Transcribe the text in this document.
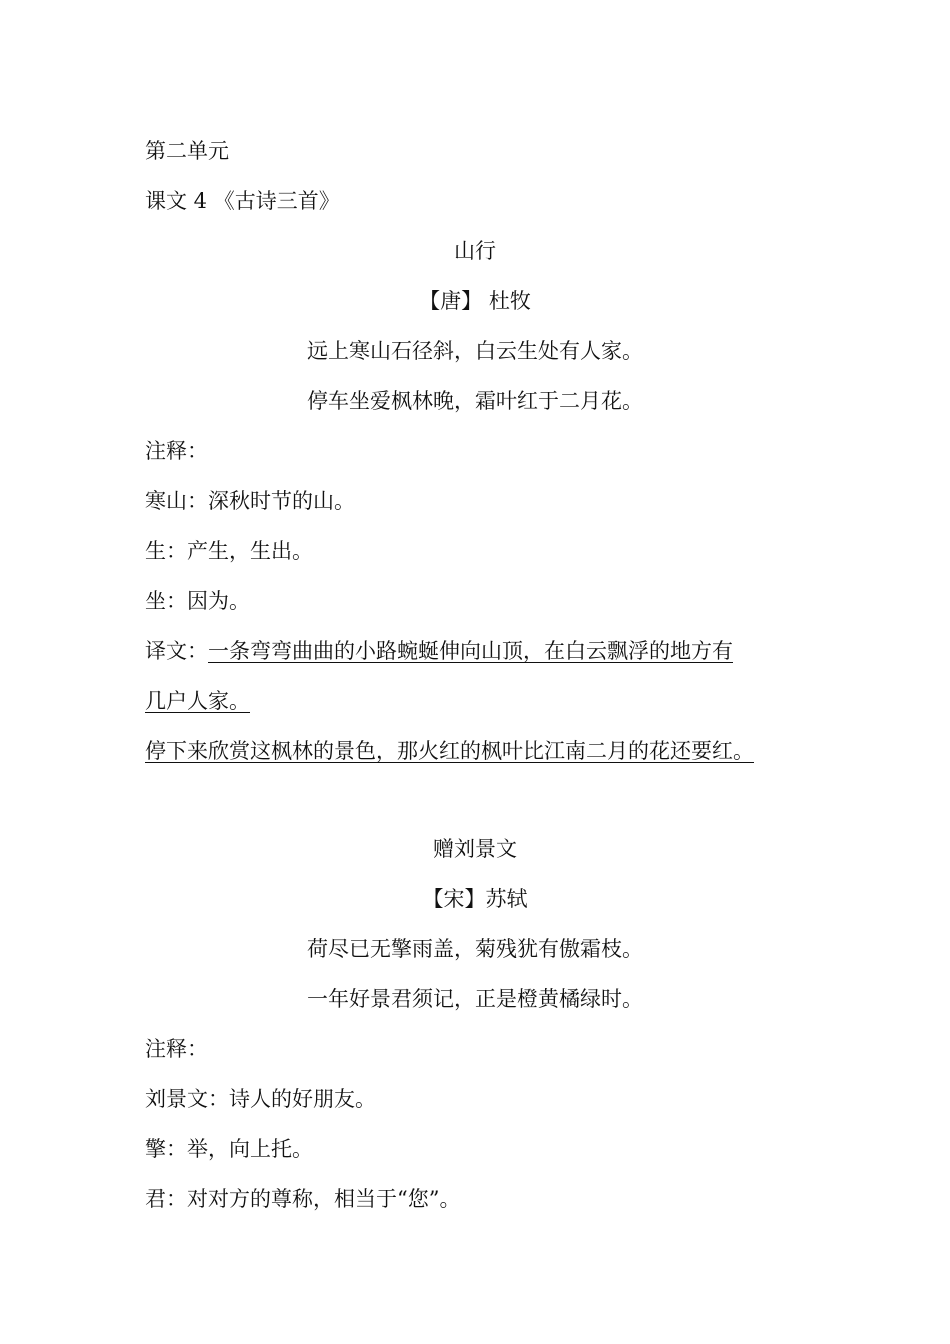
第二单元
课文 4 《古诗三首》
山行
【唐】 杜牧
远上寒山石径斜，白云生处有人家。
停车坐爱枫林晚，霜叶红于二月花。
注释：
寒山：深秋时节的山。
生：产生，生出。
坐：因为。
译文：一条弯弯曲曲的小路蜿蜒伸向山顶，在白云飘浮的地方有
几户人家。
停下来欣赏这枫林的景色，那火红的枫叶比江南二月的花还要红。
赠刘景文
【宋】苏轼
荷尽已无擎雨盖，菊残犹有傲霜枝。
一年好景君须记，正是橙黄橘绿时。
注释：
刘景文：诗人的好朋友。
擎：举，向上托。
君：对对方的尊称，相当于“您”。
